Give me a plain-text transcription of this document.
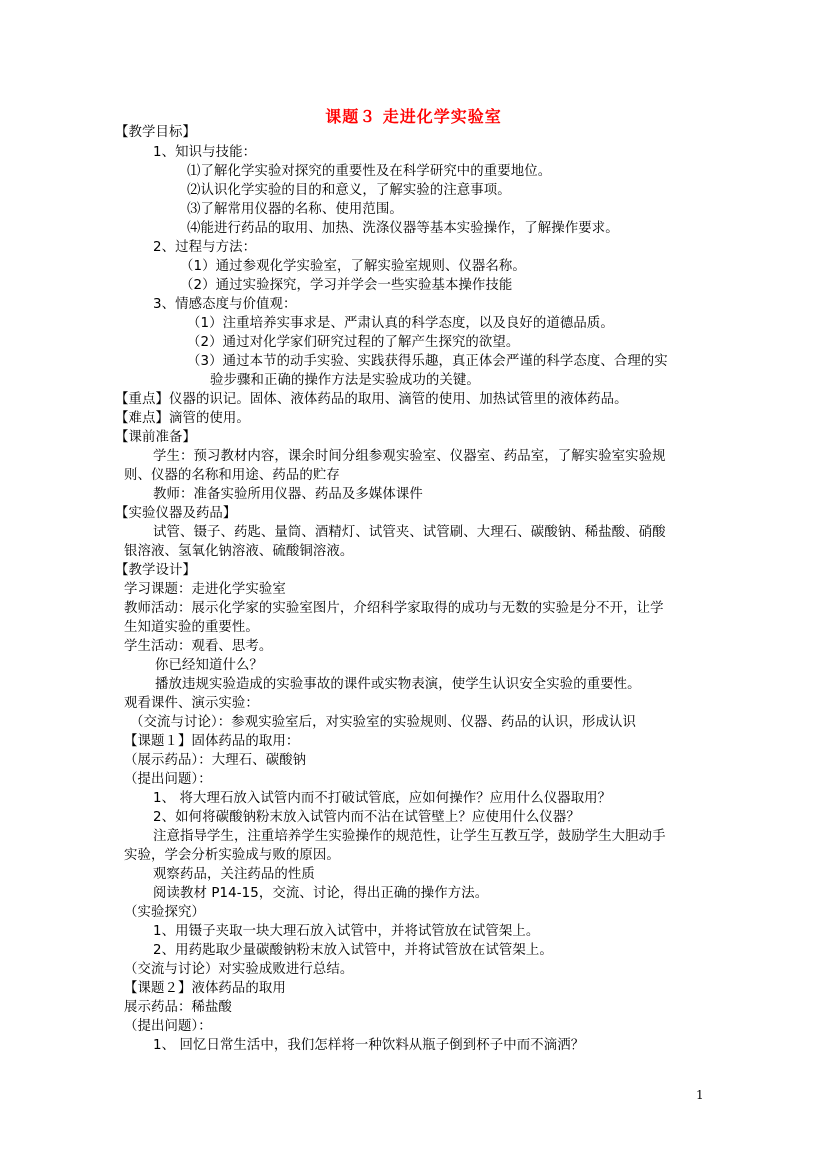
课题３ 走进化学实验室
【教学目标】
1、知识与技能：
⑴了解化学实验对探究的重要性及在科学研究中的重要地位。
⑵认识化学实验的目的和意义，了解实验的注意事项。
⑶了解常用仪器的名称、使用范围。
⑷能进行药品的取用、加热、洗涤仪器等基本实验操作，了解操作要求。
2、过程与方法：
（1）通过参观化学实验室，了解实验室规则、仪器名称。
（2）通过实验探究，学习并学会一些实验基本操作技能
3、情感态度与价值观：
（1）注重培养实事求是、严肃认真的科学态度，以及良好的道德品质。
（2）通过对化学家们研究过程的了解产生探究的欲望。
（3）通过本节的动手实验、实践获得乐趣，真正体会严谨的科学态度、合理的实
验步骤和正确的操作方法是实验成功的关键。
【重点】仪器的识记。固体、液体药品的取用、滴管的使用、加热试管里的液体药品。
【难点】滴管的使用。
【课前准备】
学生：预习教材内容，课余时间分组参观实验室、仪器室、药品室，了解实验室实验规
则、仪器的名称和用途、药品的贮存
教师：准备实验所用仪器、药品及多媒体课件
【实验仪器及药品】
试管、镊子、药匙、量筒、酒精灯、试管夹、试管刷、大理石、碳酸钠、稀盐酸、硝酸
银溶液、氢氧化钠溶液、硫酸铜溶液。
【教学设计】
学习课题：走进化学实验室
教师活动：展示化学家的实验室图片，介绍科学家取得的成功与无数的实验是分不开，让学
生知道实验的重要性。
学生活动：观看、思考。
你已经知道什么？
播放违规实验造成的实验事故的课件或实物表演，使学生认识安全实验的重要性。
观看课件、演示实验：
（交流与讨论）：参观实验室后，对实验室的实验规则、仪器、药品的认识，形成认识
【课题１】固体药品的取用：
（展示药品）：大理石、碳酸钠
（提出问题）：
1、 将大理石放入试管内而不打破试管底，应如何操作？应用什么仪器取用？
2、如何将碳酸钠粉末放入试管内而不沾在试管壁上？应使用什么仪器？
注意指导学生，注重培养学生实验操作的规范性，让学生互教互学，鼓励学生大胆动手
实验，学会分析实验成与败的原因。
观察药品，关注药品的性质
阅读教材 P14-15，交流、讨论，得出正确的操作方法。
（实验探究）
1、用镊子夹取一块大理石放入试管中，并将试管放在试管架上。
2、用药匙取少量碳酸钠粉末放入试管中，并将试管放在试管架上。
（交流与讨论）对实验成败进行总结。
【课题２】液体药品的取用
展示药品：稀盐酸
（提出问题）：
1、 回忆日常生活中，我们怎样将一种饮料从瓶子倒到杯子中而不滴洒？
1
